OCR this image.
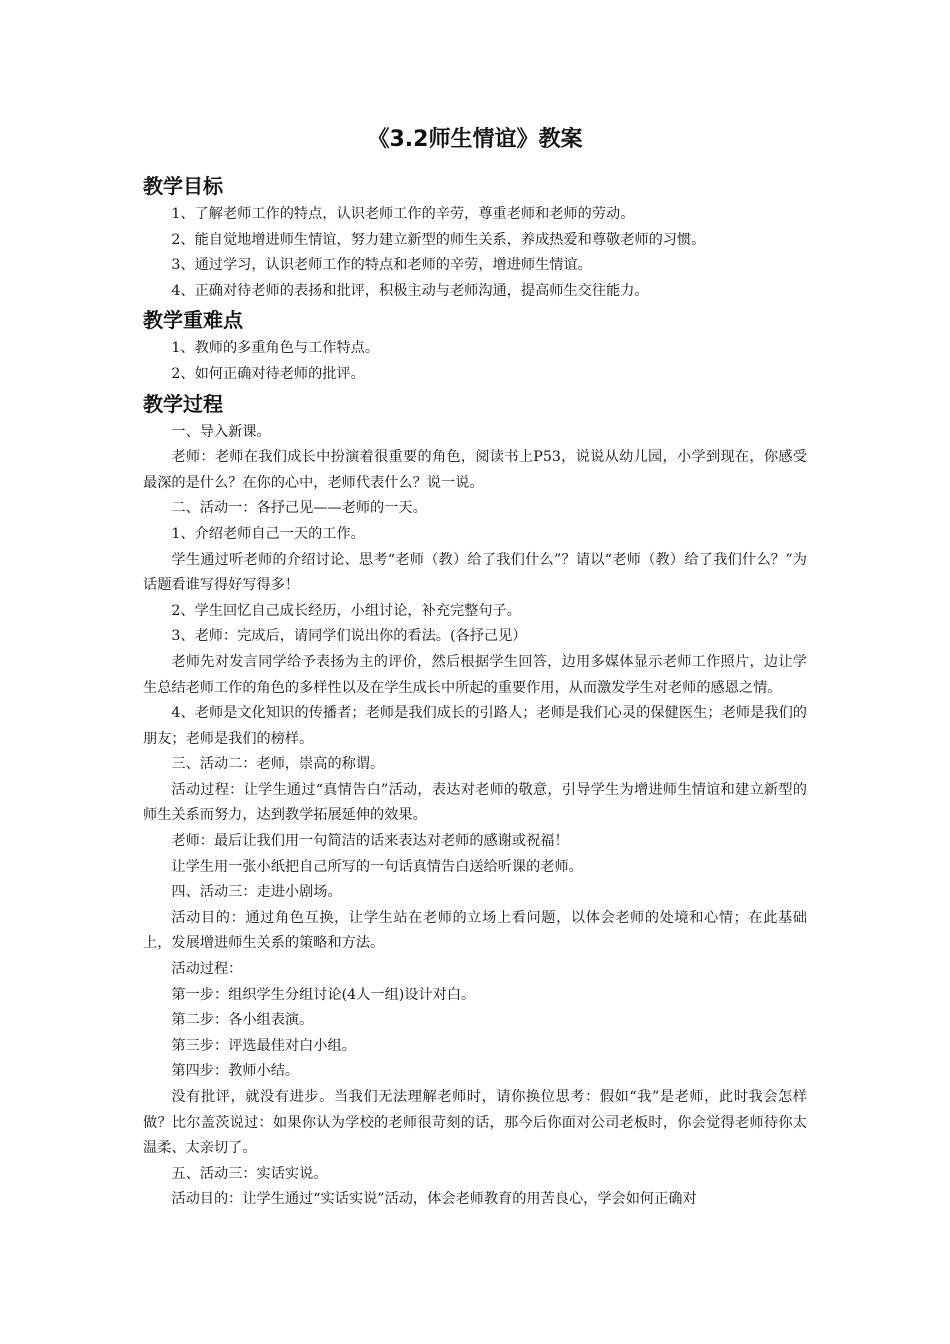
《3.2师生情谊》教案
教学目标

1、了解老师工作的特点，认识老师工作的辛劳，尊重老师和老师的劳动。

2、能自觉地增进师生情谊，努力建立新型的师生关系，养成热爱和尊敬老师的习惯。

3、通过学习，认识老师工作的特点和老师的辛劳，增进师生情谊。

4、正确对待老师的表扬和批评，积极主动与老师沟通，提高师生交往能力。

教学重难点

1、教师的多重角色与工作特点。

2、如何正确对待老师的批评。

教学过程

一、导入新课。

老师：老师在我们成长中扮演着很重要的角色，阅读书上P53，说说从幼儿园，小学到现在，你感受最深的是什么？在你的心中，老师代表什么？说一说。

二、活动一：各抒己见——老师的一天。

1、介绍老师自己一天的工作。

学生通过听老师的介绍讨论、思考“老师（教）给了我们什么”？请以“老师（教）给了我们什么？”为话题看谁写得好写得多！

2、学生回忆自己成长经历，小组讨论，补充完整句子。

3、老师：完成后，请同学们说出你的看法。(各抒己见）

老师先对发言同学给予表扬为主的评价，然后根据学生回答，边用多媒体显示老师工作照片，边让学生总结老师工作的角色的多样性以及在学生成长中所起的重要作用，从而激发学生对老师的感恩之情。

4、老师是文化知识的传播者；老师是我们成长的引路人；老师是我们心灵的保健医生；老师是我们的朋友；老师是我们的榜样。

三、活动二：老师，崇高的称谓。

活动过程：让学生通过“真情告白”活动，表达对老师的敬意，引导学生为增进师生情谊和建立新型的师生关系而努力，达到教学拓展延伸的效果。

老师：最后让我们用一句简洁的话来表达对老师的感谢或祝福！

让学生用一张小纸把自己所写的一句话真情告白送给听课的老师。

四、活动三：走进小剧场。

活动目的：通过角色互换，让学生站在老师的立场上看问题，以体会老师的处境和心情；在此基础上，发展增进师生关系的策略和方法。

活动过程：

第一步：组织学生分组讨论(4人一组)设计对白。

第二步：各小组表演。

第三步：评选最佳对白小组。

第四步：教师小结。

没有批评，就没有进步。当我们无法理解老师时，请你换位思考：假如“我”是老师，此时我会怎样做？比尔盖茨说过：如果你认为学校的老师很苛刻的话，那今后你面对公司老板时，你会觉得老师待你太温柔、太亲切了。

五、活动三：实话实说。

活动目的：让学生通过“实话实说”活动，体会老师教育的用苦良心，学会如何正确对
